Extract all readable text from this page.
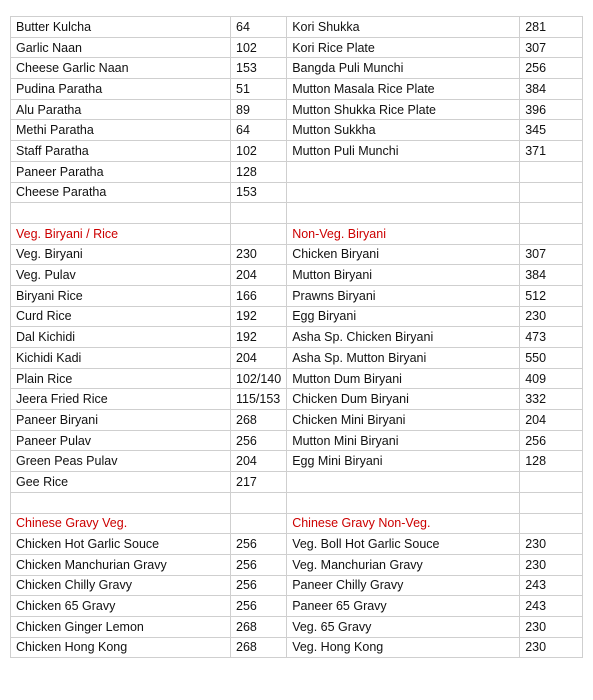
Butter Kulcha	64	Kori Shukka	281
Garlic Naan	102	Kori Rice Plate	307
Cheese Garlic Naan	153	Bangda Puli Munchi	256
Pudina Paratha	51	Mutton Masala Rice Plate	384
Alu Paratha	89	Mutton Shukka Rice Plate	396
Methi Paratha	64	Mutton Sukkha	345
Staff Paratha	102	Mutton Puli Munchi	371
Paneer Paratha	128		
Cheese Paratha	153		

Veg. Biryani / Rice		Non-Veg. Biryani	
Veg. Biryani	230	Chicken Biryani	307
Veg. Pulav	204	Mutton Biryani	384
Biryani Rice	166	Prawns Biryani	512
Curd Rice	192	Egg Biryani	230
Dal Kichidi	192	Asha Sp. Chicken Biryani	473
Kichidi Kadi	204	Asha Sp. Mutton Biryani	550
Plain Rice	102/140	Mutton Dum Biryani	409
Jeera Fried Rice	115/153	Chicken Dum Biryani	332
Paneer Biryani	268	Chicken Mini Biryani	204
Paneer Pulav	256	Mutton Mini Biryani	256
Green Peas Pulav	204	Egg Mini Biryani	128
Gee Rice	217		

Chinese Gravy Veg.		Chinese Gravy Non-Veg.	
Chicken Hot Garlic Souce	256	Veg. Boll Hot Garlic Souce	230
Chicken Manchurian Gravy	256	Veg. Manchurian Gravy	230
Chicken Chilly Gravy	256	Paneer Chilly Gravy	243
Chicken 65 Gravy	256	Paneer 65 Gravy	243
Chicken Ginger Lemon	268	Veg. 65 Gravy	230
Chicken Hong Kong	268	Veg. Hong Kong	230
